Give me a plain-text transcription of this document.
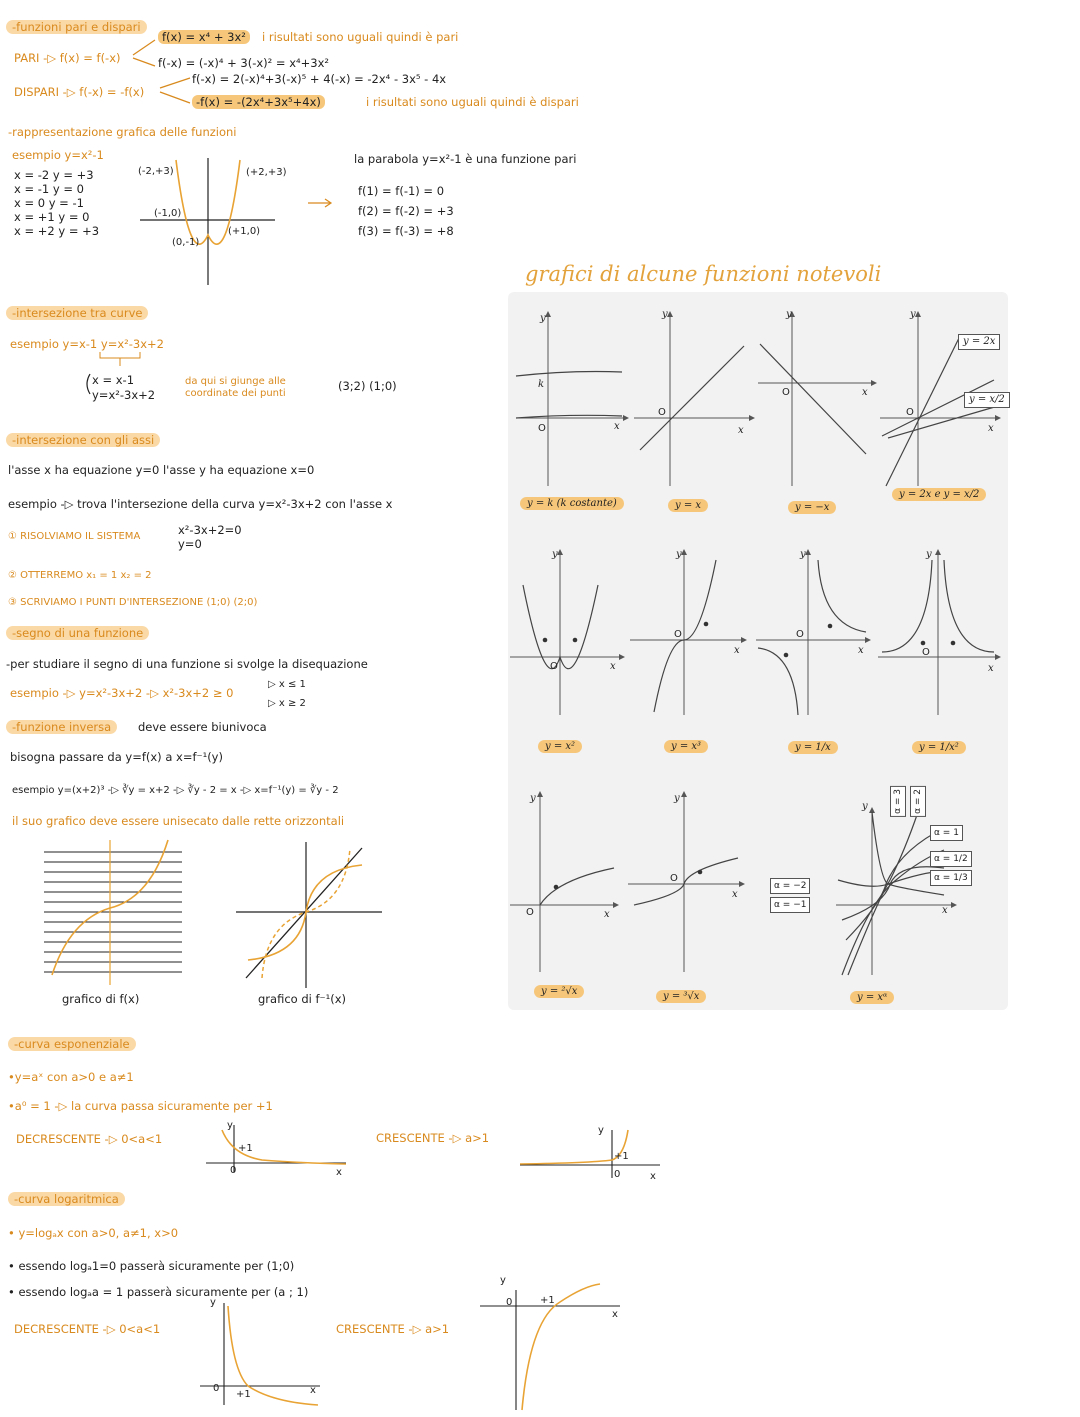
-funzioni pari e dispari
PARI -▷ f(x) = f(-x)
DISPARI -▷ f(-x) = -f(x)
f(x) = x⁴ + 3x²	i risultati sono uguali quindi è pari
f(-x) = (-x)⁴ + 3(-x)² = x⁴+3x²
f(-x) = 2(-x)⁴+3(-x)⁵ + 4(-x) = -2x⁴ - 3x⁵ - 4x
-f(x) = -(2x⁴+3x⁵+4x)	i risultati sono uguali quindi è dispari
-rappresentazione grafica delle funzioni
esempio y=x²-1
x = -2 y = +3
x = -1 y = 0
x = 0 y = -1
x = +1 y = 0
x = +2 y = +3
(-2,+3)	(+2,+3)
(-1,0)
(+1,0)
(0,-1)
la parabola y=x²-1 è una funzione pari
f(1) = f(-1) = 0
f(2) = f(-2) = +3
f(3) = f(-3) = +8
-intersezione tra curve
esempio y=x-1 y=x²-3x+2
x = x-1
y=x²-3x+2
da qui si giunge alle
coordinate dei punti
(3;2) (1;0)
-intersezione con gli assi
l'asse x ha equazione y=0 l'asse y ha equazione x=0
esempio -▷ trova l'intersezione della curva y=x²-3x+2 con l'asse x
① RISOLVIAMO IL SISTEMA	x²-3x+2=0
y=0
② OTTERREMO x₁ = 1 x₂ = 2
③ SCRIVIAMO I PUNTI D'INTERSEZIONE (1;0) (2;0)
-segno di una funzione
-per studiare il segno di una funzione si svolge la disequazione
esempio -▷ y=x²-3x+2 -▷ x²-3x+2 ≥ 0
▷ x ≤ 1
▷ x ≥ 2
-funzione inversa	deve essere biunivoca
bisogna passare da y=f(x) a x=f⁻¹(y)
esempio y=(x+2)³ -▷ ∛y = x+2 -▷ ∛y - 2 = x -▷ x=f⁻¹(y) = ∛y - 2
il suo grafico deve essere unisecato dalle rette orizzontali
grafico di f(x)	grafico di f⁻¹(x)
-curva esponenziale
•y=aˣ con a>0 e a≠1
•a⁰ = 1 -▷ la curva passa sicuramente per +1
DECRESCENTE -▷ 0<a<1	CRESCENTE -▷ a>1
y
+1
0	x
y
+1
0	x
-curva logaritmica
• y=logₐx con a>0, a≠1, x>0
• essendo logₐ1=0 passerà sicuramente per (1;0)
• essendo logₐa = 1 passerà sicuramente per (a ; 1)
DECRESCENTE -▷ 0<a<1	CRESCENTE -▷ a>1
y
0
+1	x
y
0	+1
x
grafici di alcune funzioni notevoli
y
k
O	x
y
O
x
y
O	x
y
O
x
y = 2x
y = x/2
y
O	x
y
O
x
y
O
x
y
O
x
y
O	x
y
O
x
y
x
α = 3	α = 2
α = 1
α = 1/2
α = 1/3
α = −2
α = −1
y = k (k costante)	y = x	y = −x
y = 2x e y = x/2
y = x²	y = x³	y = 1/x	y = 1/x²
y = ²√x	y = ³√x	y = xᵅ
